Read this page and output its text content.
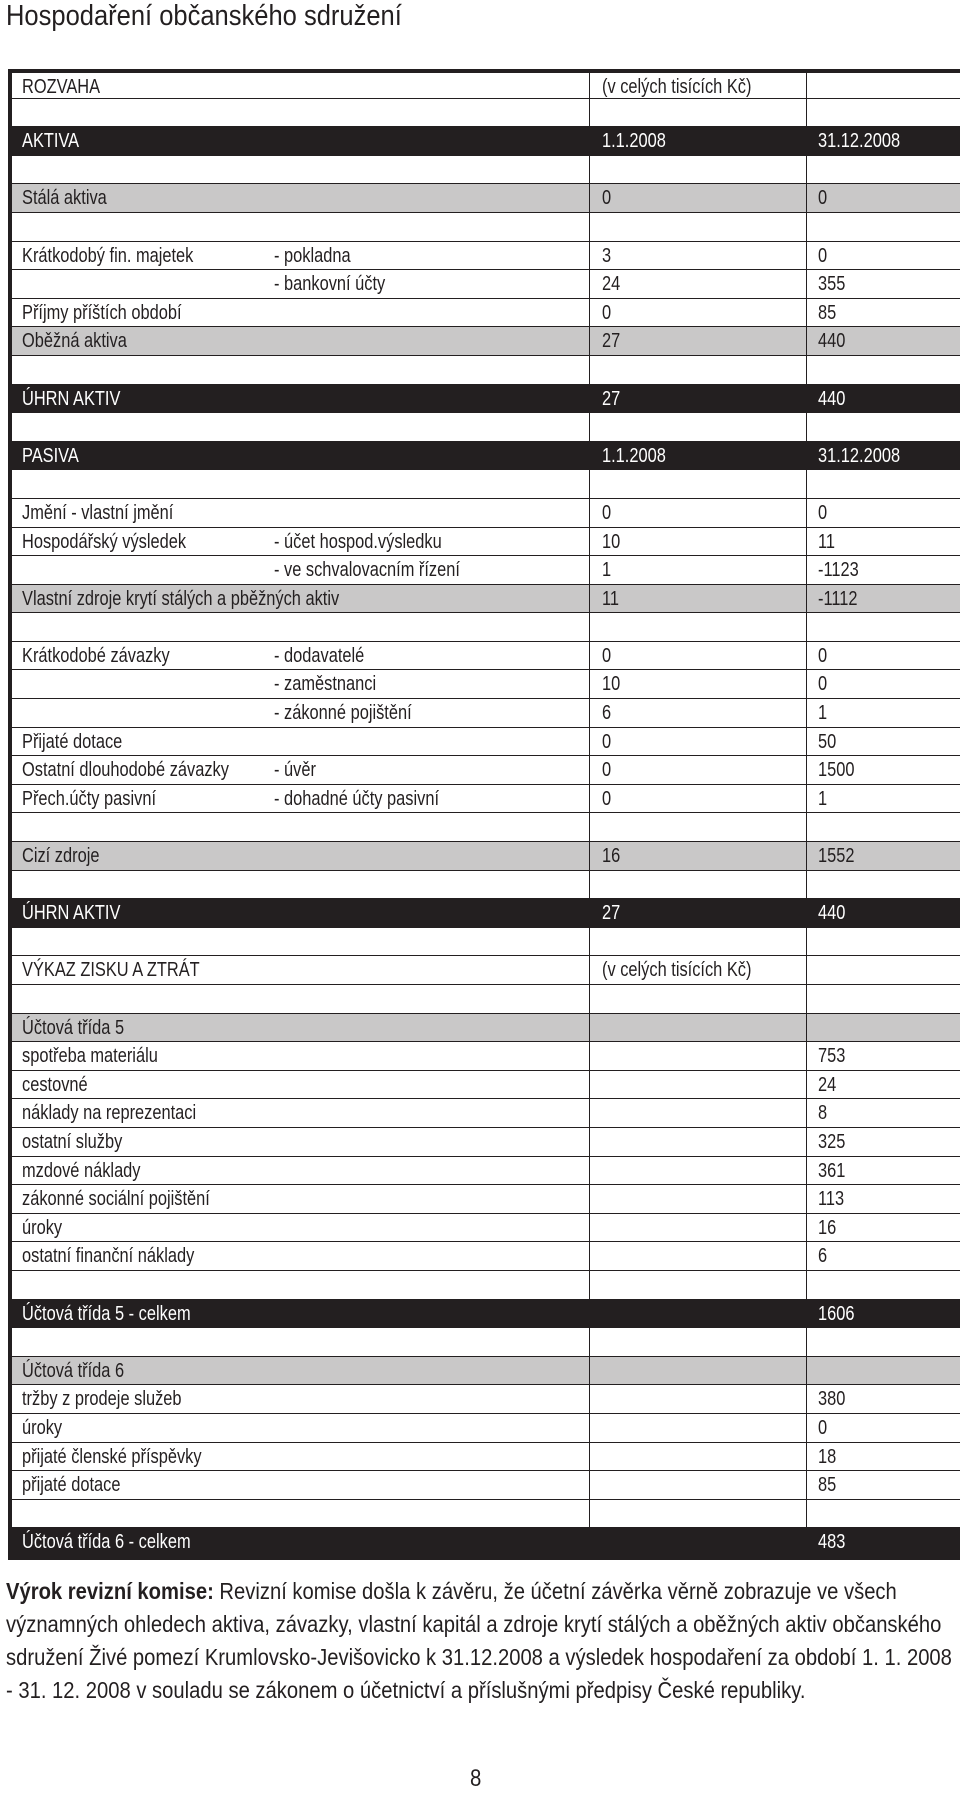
Hospodaření občanského sdružení
ROZVAHA	(v celých tisících Kč)
AKTIVA	1.1.2008	31.12.2008
Stálá aktiva	0	0
Krátkodobý fin. majetek	- pokladna	3	0
- bankovní účty	24	355
Příjmy příštích období	0	85
Oběžná aktiva	27	440
ÚHRN AKTIV	27	440
PASIVA	1.1.2008	31.12.2008
Jmění - vlastní jmění	0	0
Hospodářský výsledek	- účet hospod.výsledku	10	11
- ve schvalovacním řízení	1	-1123
Vlastní zdroje krytí stálých a pběžných aktiv	11	-1112
Krátkodobé závazky	- dodavatelé	0	0
- zaměstnanci	10	0
- zákonné pojištění	6	1
Přijaté dotace	0	50
Ostatní dlouhodobé závazky - úvěr	0	1500
Přech.účty pasivní	- dohadné účty pasivní	0	1
Cizí zdroje	16	1552
ÚHRN AKTIV	27	440
VÝKAZ ZISKU A ZTRÁT	(v celých tisících Kč)
Účtová třída 5
spotřeba materiálu	753
cestovné	24
náklady na reprezentaci	8
ostatní služby	325
mzdové náklady	361
zákonné sociální pojištění	113
úroky	16
ostatní finanční náklady	6
Účtová třída 5 - celkem	1606
Účtová třída 6
tržby z prodeje služeb	380
úroky	0
přijaté členské příspěvky	18
přijaté dotace	85
Účtová třída 6 - celkem	483
Výrok revizní komise: Revizní komise došla k závěru, že účetní závěrka věrně zobrazuje ve všech významných ohledech aktiva, závazky, vlastní kapitál a zdroje krytí stálých a oběžných aktiv občanského sdružení Živé pomezí Krumlovsko-Jevišovicko k 31.12.2008 a výsledek hospodaření za období 1. 1. 2008 - 31. 12. 2008 v souladu se zákonem o účetnictví a příslušnými předpisy České republiky.
8
